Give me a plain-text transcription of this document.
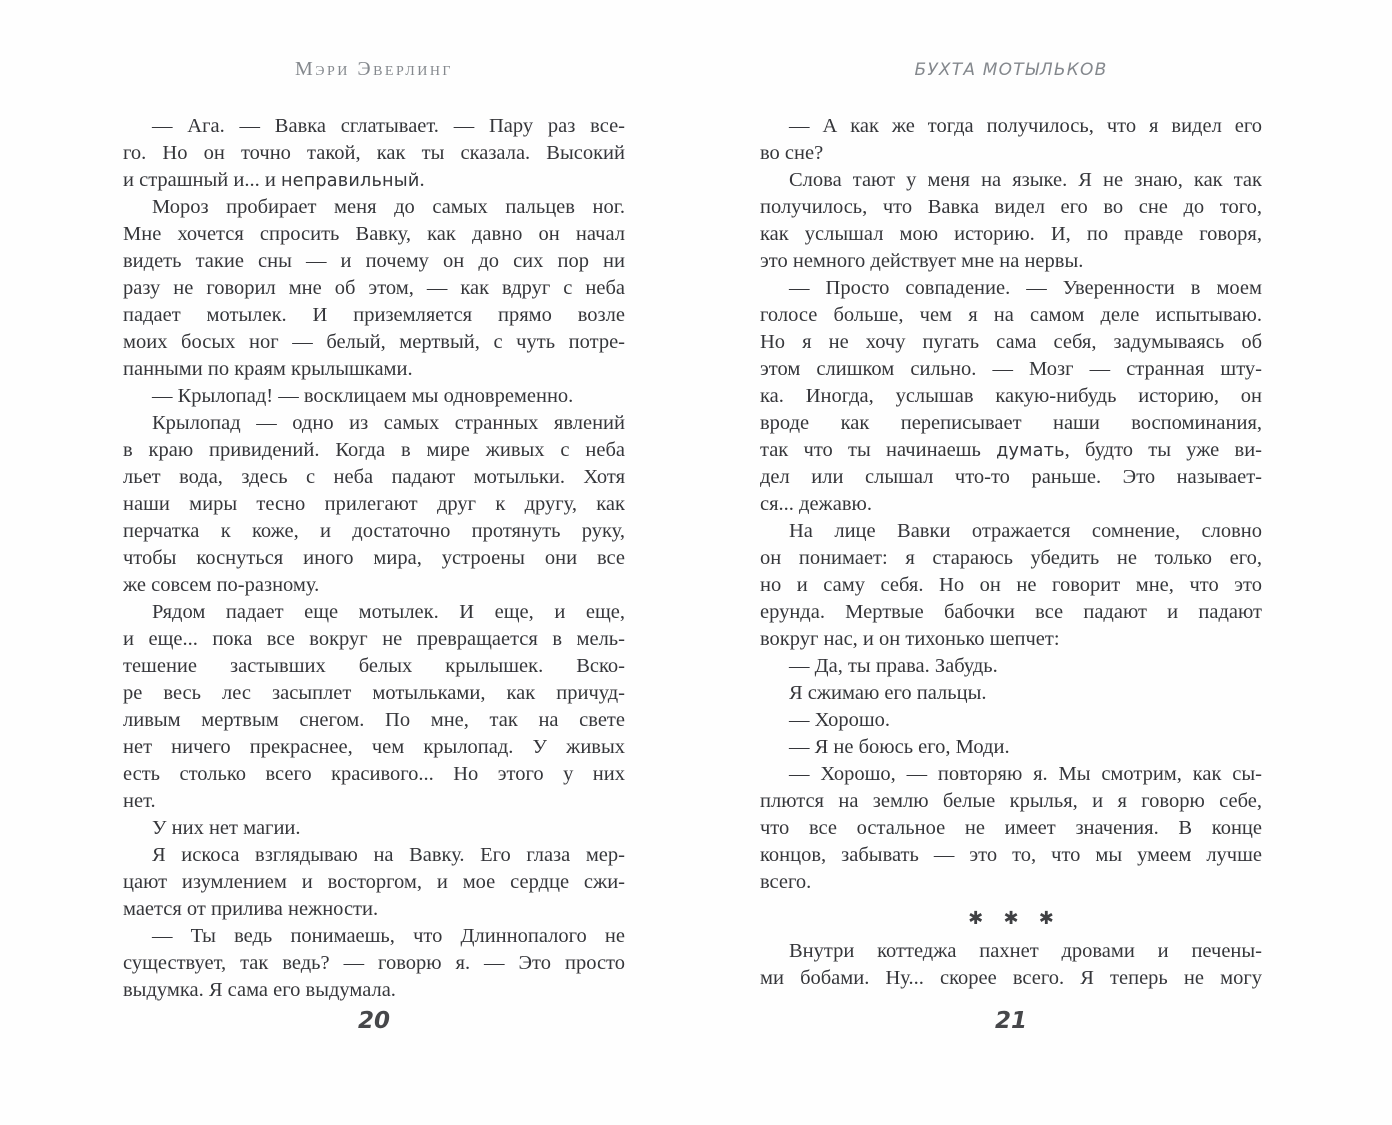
Мэри Эверлинг
— Ага. — Вавка сглатывает. — Пару раз все-
го. Но он точно такой, как ты сказала. Высокий
и страшный и... и неправильный.
Мороз пробирает меня до самых пальцев ног.
Мне хочется спросить Вавку, как давно он начал
видеть такие сны — и почему он до сих пор ни
разу не говорил мне об этом, — как вдруг с неба
падает мотылек. И приземляется прямо возле
моих босых ног — белый, мертвый, с чуть потре-
панными по краям крылышками.
— Крылопад! — восклицаем мы одновременно.
Крылопад — одно из самых странных явлений
в краю привидений. Когда в мире живых с неба
льет вода, здесь с неба падают мотыльки. Хотя
наши миры тесно прилегают друг к другу, как
перчатка к коже, и достаточно протянуть руку,
чтобы коснуться иного мира, устроены они все
же совсем по-разному.
Рядом падает еще мотылек. И еще, и еще,
и еще... пока все вокруг не превращается в мель-
тешение застывших белых крылышек. Вско-
ре весь лес засыплет мотыльками, как причуд-
ливым мертвым снегом. По мне, так на свете
нет ничего прекраснее, чем крылопад. У живых
есть столько всего красивого... Но этого у них
нет.
У них нет магии.
Я искоса взглядываю на Вавку. Его глаза мер-
цают изумлением и восторгом, и мое сердце сжи-
мается от прилива нежности.
— Ты ведь понимаешь, что Длиннопалого не
существует, так ведь? — говорю я. — Это просто
выдумка. Я сама его выдумала.
20
БУХТА МОТЫЛЬКОВ
— А как же тогда получилось, что я видел его
во сне?
Слова тают у меня на языке. Я не знаю, как так
получилось, что Вавка видел его во сне до того,
как услышал мою историю. И, по правде говоря,
это немного действует мне на нервы.
— Просто совпадение. — Уверенности в моем
голосе больше, чем я на самом деле испытываю.
Но я не хочу пугать сама себя, задумываясь об
этом слишком сильно. — Мозг — странная шту-
ка. Иногда, услышав какую-нибудь историю, он
вроде как переписывает наши воспоминания,
так что ты начинаешь думать, будто ты уже ви-
дел или слышал что-то раньше. Это называет-
ся... дежавю.
На лице Вавки отражается сомнение, словно
он понимает: я стараюсь убедить не только его,
но и саму себя. Но он не говорит мне, что это
ерунда. Мертвые бабочки все падают и падают
вокруг нас, и он тихонько шепчет:
— Да, ты права. Забудь.
Я сжимаю его пальцы.
— Хорошо.
— Я не боюсь его, Моди.
— Хорошо, — повторяю я. Мы смотрим, как сы-
плются на землю белые крылья, и я говорю себе,
что все остальное не имеет значения. В конце
концов, забывать — это то, что мы умеем лучше
всего.
✱ ✱ ✱
Внутри коттеджа пахнет дровами и печены-
ми бобами. Ну... скорее всего. Я теперь не могу
21
